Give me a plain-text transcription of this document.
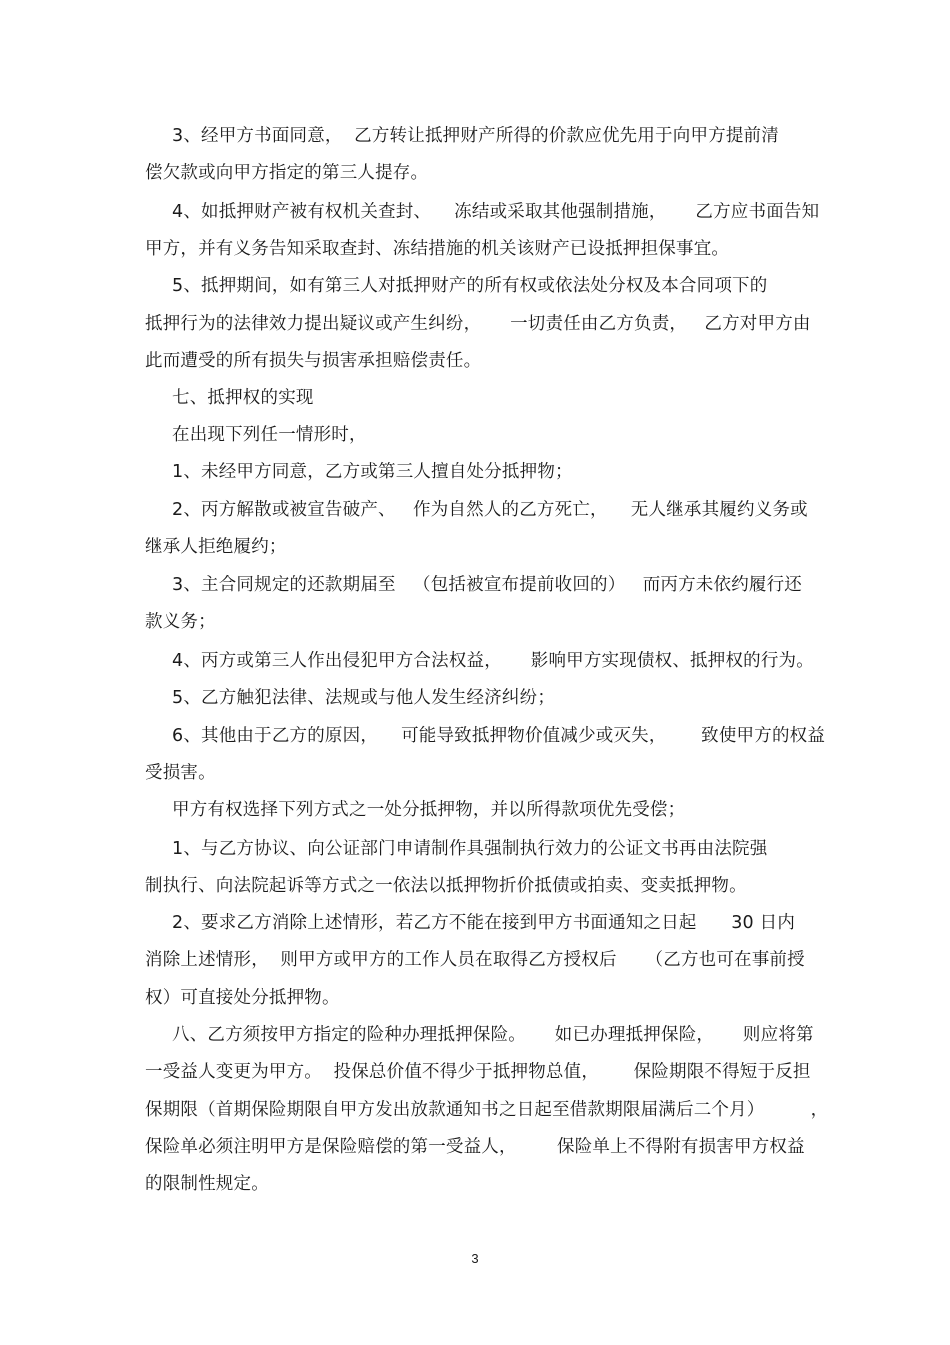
3、经甲方书面同意，  乙方转让抵押财产所得的价款应优先用于向甲方提前清
偿欠款或向甲方指定的第三人提存。
4、如抵押财产被有权机关查封、    冻结或采取其他强制措施，     乙方应书面告知
甲方，并有义务告知采取查封、冻结措施的机关该财产已设抵押担保事宜。
5、抵押期间，如有第三人对抵押财产的所有权或依法处分权及本合同项下的
抵押行为的法律效力提出疑议或产生纠纷，     一切责任由乙方负责，   乙方对甲方由
此而遭受的所有损失与损害承担赔偿责任。
七、抵押权的实现
在出现下列任一情形时，
1、未经甲方同意，乙方或第三人擅自处分抵押物；
2、丙方解散或被宣告破产、   作为自然人的乙方死亡，    无人继承其履约义务或
继承人拒绝履约；
3、主合同规定的还款期届至   （包括被宣布提前收回的）   而丙方未依约履行还
款义务；
4、丙方或第三人作出侵犯甲方合法权益，     影响甲方实现债权、抵押权的行为。
5、乙方触犯法律、法规或与他人发生经济纠纷；
6、其他由于乙方的原因，    可能导致抵押物价值减少或灭失，      致使甲方的权益
受损害。
甲方有权选择下列方式之一处分抵押物，并以所得款项优先受偿；
1、与乙方协议、向公证部门申请制作具强制执行效力的公证文书再由法院强
制执行、向法院起诉等方式之一依法以抵押物折价抵债或拍卖、变卖抵押物。
2、要求乙方消除上述情形，若乙方不能在接到甲方书面通知之日起      30 日内
消除上述情形，  则甲方或甲方的工作人员在取得乙方授权后     （乙方也可在事前授
权）可直接处分抵押物。
八、乙方须按甲方指定的险种办理抵押保险。     如已办理抵押保险，     则应将第
一受益人变更为甲方。  投保总价值不得少于抵押物总值，      保险期限不得短于反担
保期限（首期保险期限自甲方发出放款通知书之日起至借款期限届满后二个月）        ，
保险单必须注明甲方是保险赔偿的第一受益人，       保险单上不得附有损害甲方权益
的限制性规定。
3
